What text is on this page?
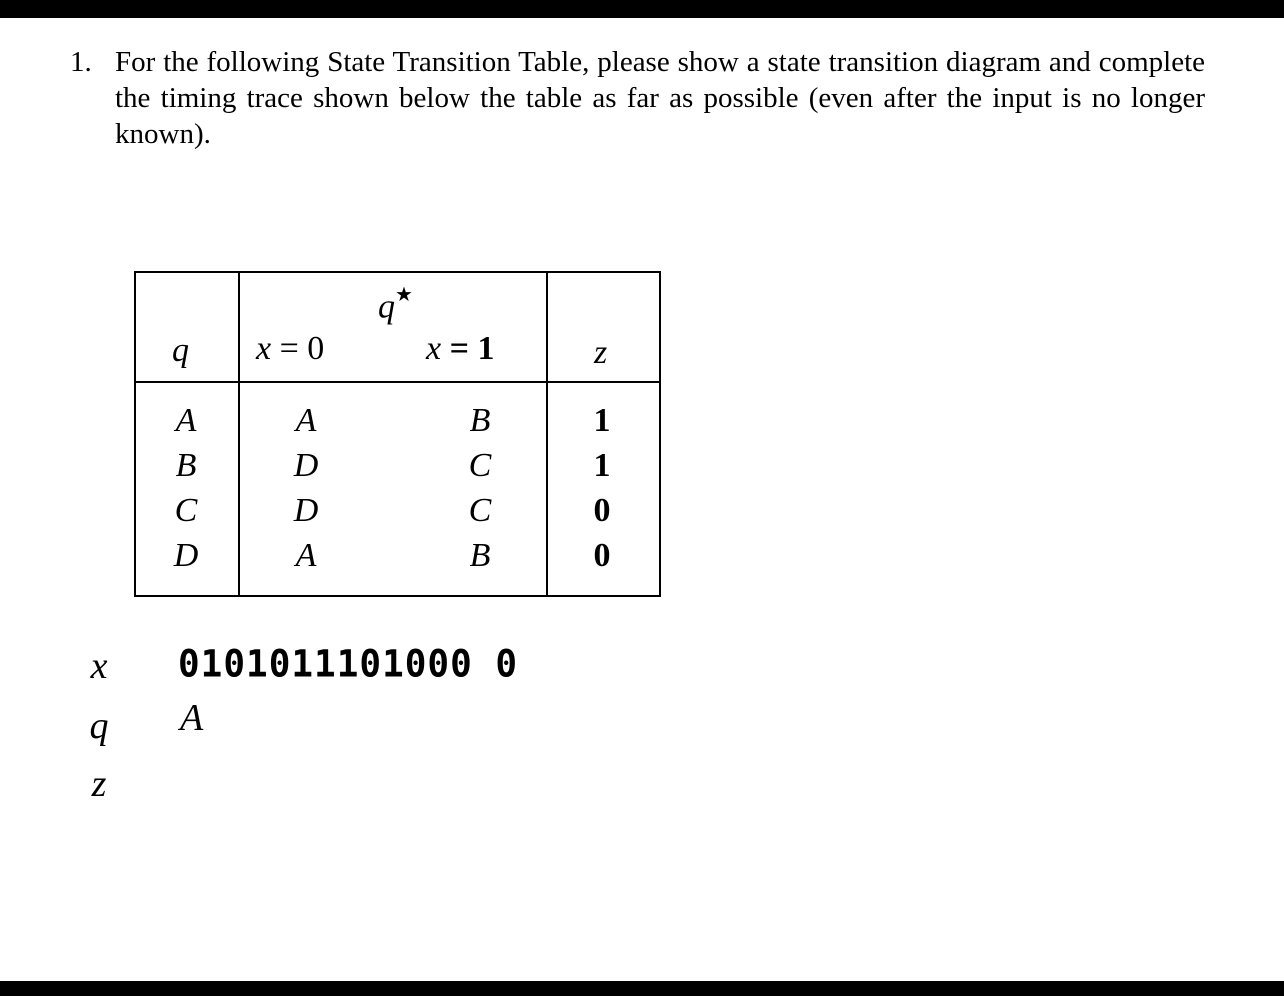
1. For the following State Transition Table, please show a state transition diagram and complete the timing trace shown below the table as far as possible (even after the input is no longer known).
q★
q x = 0	x = 1	z
A	A	B	1
B	D	C	1
C	D	C	0
D	A	B	0
x 0101011101000 0
q A
z
